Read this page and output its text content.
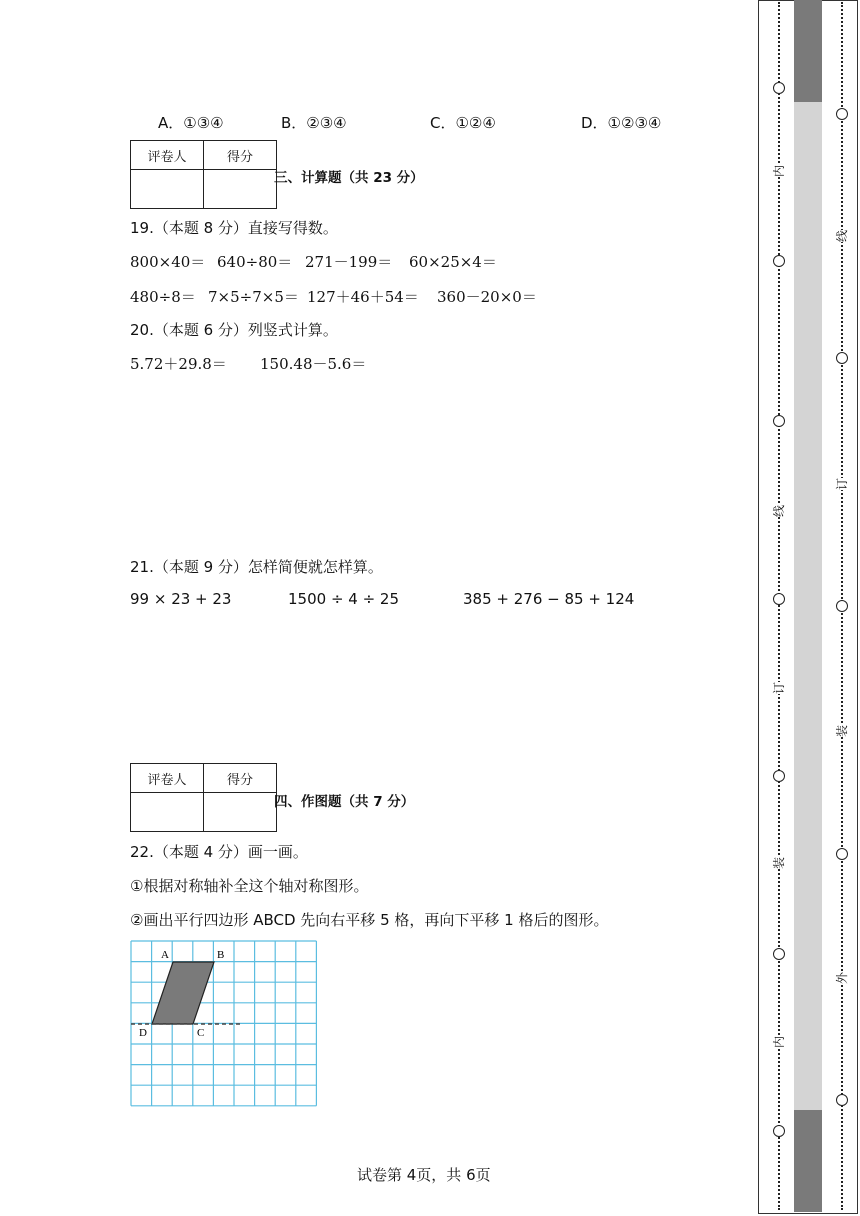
A．①③④	B．②③④	C．①②④	D．①②③④
评卷人	得分

三、计算题（共 23 分）
19.（本题 8 分）直接写得数。
800×40＝ 640÷80＝ 271－199＝ 60×25×4＝
480÷8＝ 7×5÷7×5＝ 127＋46＋54＝ 360－20×0＝
20.（本题 6 分）列竖式计算。
5.72＋29.8＝ 150.48－5.6＝
21.（本题 9 分）怎样简便就怎样算。
99 × 23 + 23	1500 ÷ 4 ÷ 25	385 + 276 − 85 + 124
评卷人	得分

四、作图题（共 7 分）
22.（本题 4 分）画一画。
①根据对称轴补全这个轴对称图形。
②画出平行四边形 ABCD 先向右平移 5 格，再向下平移 1 格后的图形。
A	B
C
D
试卷第 4页，共 6页
内
线
订
装
内
线
订
装
外
